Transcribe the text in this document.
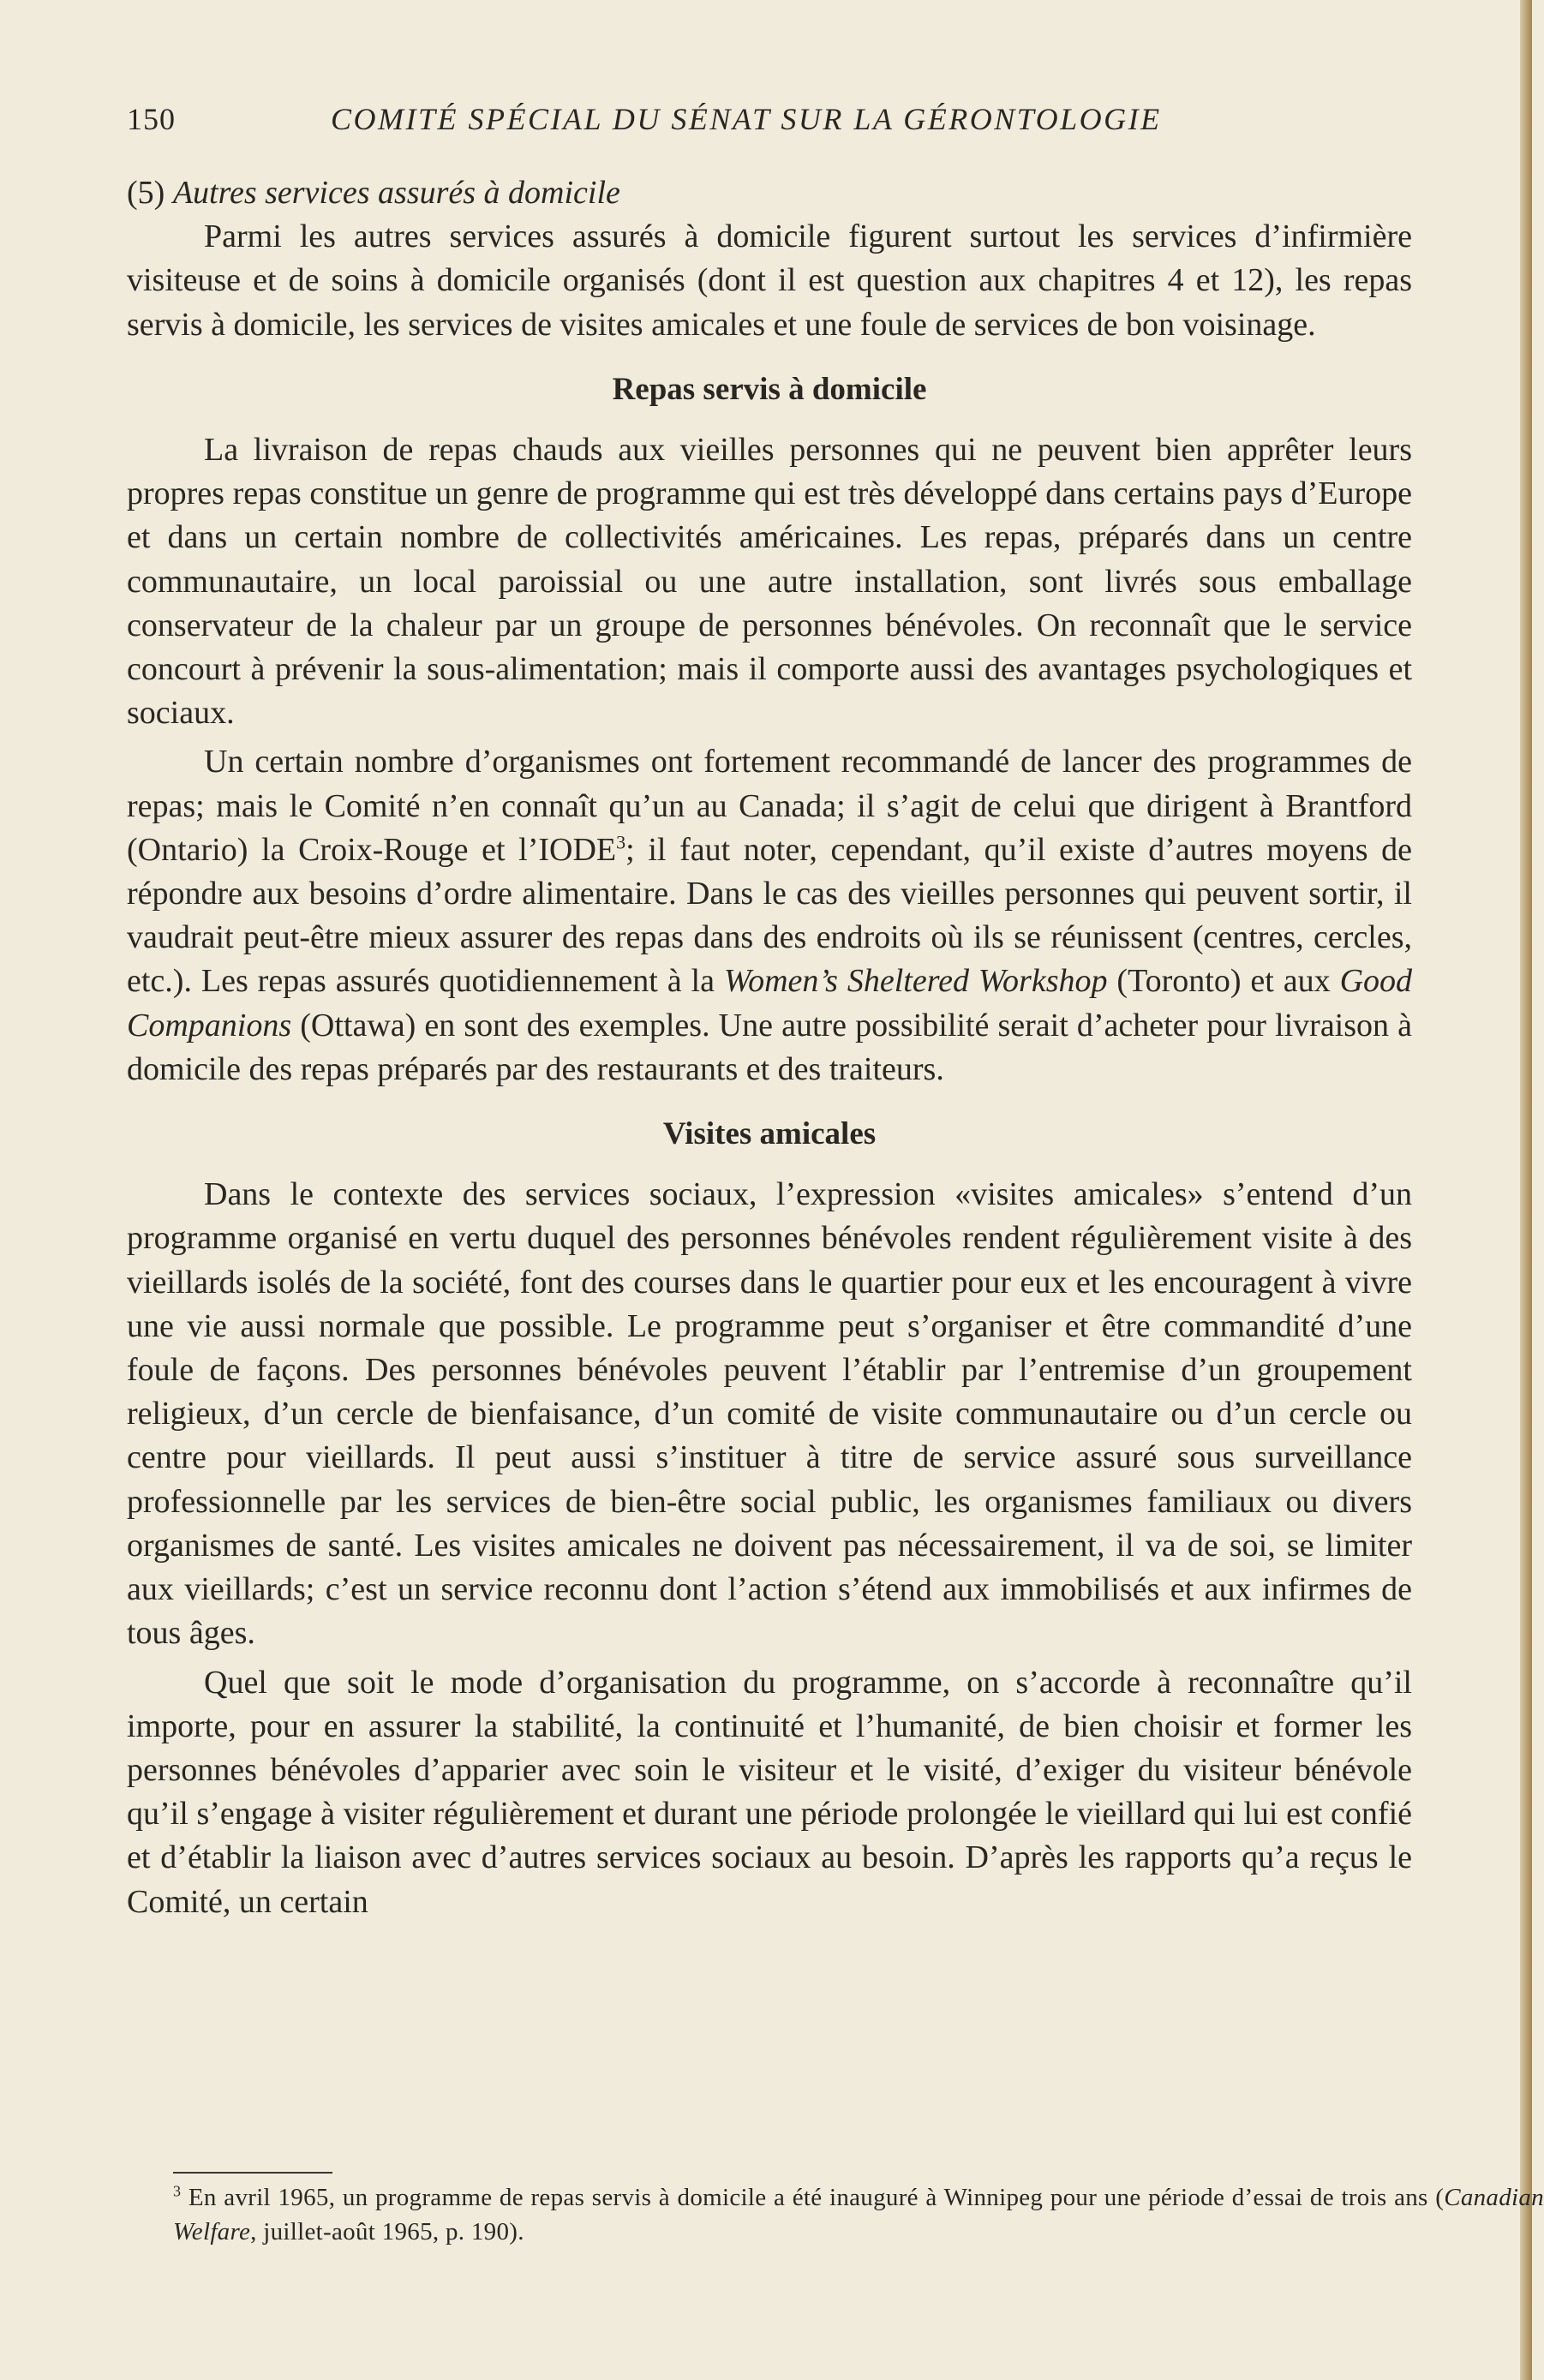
150	COMITÉ SPÉCIAL DU SÉNAT SUR LA GÉRONTOLOGIE

(5) Autres services assurés à domicile

Parmi les autres services assurés à domicile figurent surtout les services d’infirmière visiteuse et de soins à domicile organisés (dont il est question aux chapitres 4 et 12), les repas servis à domicile, les services de visites amicales et une foule de services de bon voisinage.

Repas servis à domicile

La livraison de repas chauds aux vieilles personnes qui ne peuvent bien apprêter leurs propres repas constitue un genre de programme qui est très développé dans certains pays d’Europe et dans un certain nombre de collectivités américaines. Les repas, préparés dans un centre communautaire, un local paroissial ou une autre installation, sont livrés sous emballage conservateur de la chaleur par un groupe de personnes bénévoles. On reconnaît que le service concourt à prévenir la sous-alimentation; mais il comporte aussi des avantages psychologiques et sociaux.

Un certain nombre d’organismes ont fortement recommandé de lancer des programmes de repas; mais le Comité n’en connaît qu’un au Canada; il s’agit de celui que dirigent à Brantford (Ontario) la Croix-Rouge et l’IODE$^3$; il faut noter, cependant, qu’il existe d’autres moyens de répondre aux besoins d’ordre alimentaire. Dans le cas des vieilles personnes qui peuvent sortir, il vaudrait peut-être mieux assurer des repas dans des endroits où ils se réunissent (centres, cercles, etc.). Les repas assurés quotidiennement à la Women’s Sheltered Workshop (Toronto) et aux Good Companions (Ottawa) en sont des exemples. Une autre possibilité serait d’acheter pour livraison à domicile des repas préparés par des restaurants et des traiteurs.

Visites amicales

Dans le contexte des services sociaux, l’expression «visites amicales» s’entend d’un programme organisé en vertu duquel des personnes bénévoles rendent régulièrement visite à des vieillards isolés de la société, font des courses dans le quartier pour eux et les encouragent à vivre une vie aussi normale que possible. Le programme peut s’organiser et être commandité d’une foule de façons. Des personnes bénévoles peuvent l’établir par l’entremise d’un groupement religieux, d’un cercle de bienfaisance, d’un comité de visite communautaire ou d’un cercle ou centre pour vieillards. Il peut aussi s’instituer à titre de service assuré sous surveillance professionnelle par les services de bien-être social public, les organismes familiaux ou divers organismes de santé. Les visites amicales ne doivent pas nécessairement, il va de soi, se limiter aux vieillards; c’est un service reconnu dont l’action s’étend aux immobilisés et aux infirmes de tous âges.

Quel que soit le mode d’organisation du programme, on s’accorde à reconnaître qu’il importe, pour en assurer la stabilité, la continuité et l’humanité, de bien choisir et former les personnes bénévoles d’apparier avec soin le visiteur et le visité, d’exiger du visiteur bénévole qu’il s’engage à visiter régulièrement et durant une période prolongée le vieillard qui lui est confié et d’établir la liaison avec d’autres services sociaux au besoin. D’après les rapports qu’a reçus le Comité, un certain

$^3$ En avril 1965, un programme de repas servis à domicile a été inauguré à Winnipeg pour une période d’essai de trois ans (Canadian Welfare, juillet-août 1965, p. 190).
